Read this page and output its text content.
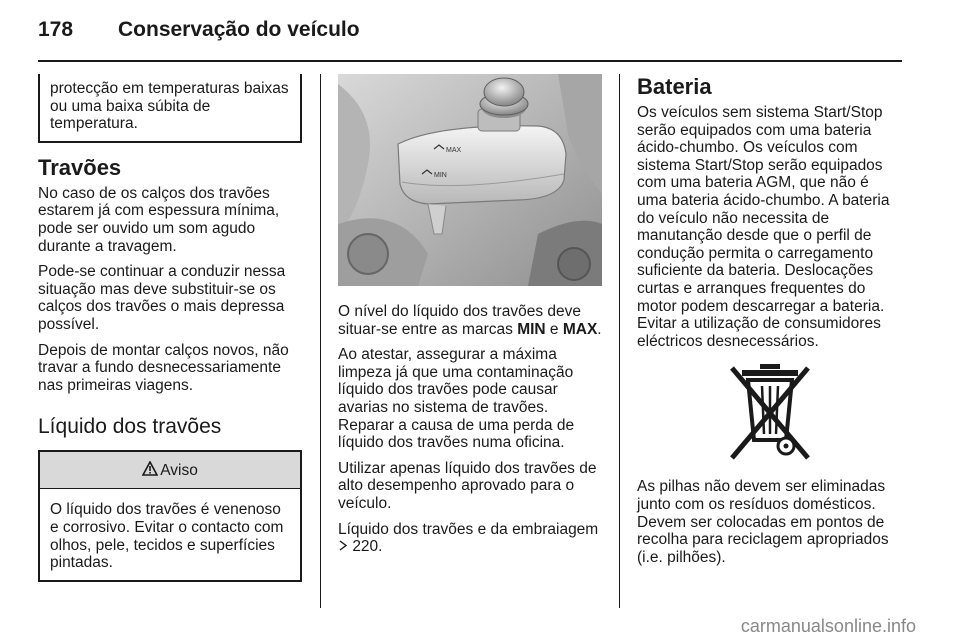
178 Conservação do veículo
protecção em temperaturas baixas ou uma baixa súbita de temperatura.
Travões

No caso de os calços dos travões estarem já com espessura mínima, pode ser ouvido um som agudo durante a travagem.

Pode-se continuar a conduzir nessa situação mas deve substituir-se os calços dos travões o mais depressa possível.

Depois de montar calços novos, não travar a fundo desnecessariamente nas primeiras viagens.

Líquido dos travões
Aviso
O líquido dos travões é venenoso e corrosivo. Evitar o contacto com olhos, pele, tecidos e superfícies pintadas.
MAX
MIN

O nível do líquido dos travões deve situar-se entre as marcas MIN e MAX.

Ao atestar, assegurar a máxima limpeza já que uma contaminação líquido dos travões pode causar avarias no sistema de travões. Reparar a causa de uma perda de líquido dos travões numa oficina.

Utilizar apenas líquido dos travões de alto desempenho aprovado para o veículo.

Líquido dos travões e da embraiagem  220.

Bateria

Os veículos sem sistema Start/Stop serão equipados com uma bateria ácido-chumbo. Os veículos com sistema Start/Stop serão equipados com uma bateria AGM, que não é uma bateria ácido-chumbo. A bateria do veículo não necessita de manutanção desde que o perfil de condução permita o carregamento suficiente da bateria. Deslocações curtas e arranques frequentes do motor podem descarregar a bateria. Evitar a utilização de consumidores eléctricos desnecessários.

As pilhas não devem ser eliminadas junto com os resíduos domésticos. Devem ser colocadas em pontos de recolha para reciclagem apropriados (i.e. pilhões).

carmanualsonline.info
